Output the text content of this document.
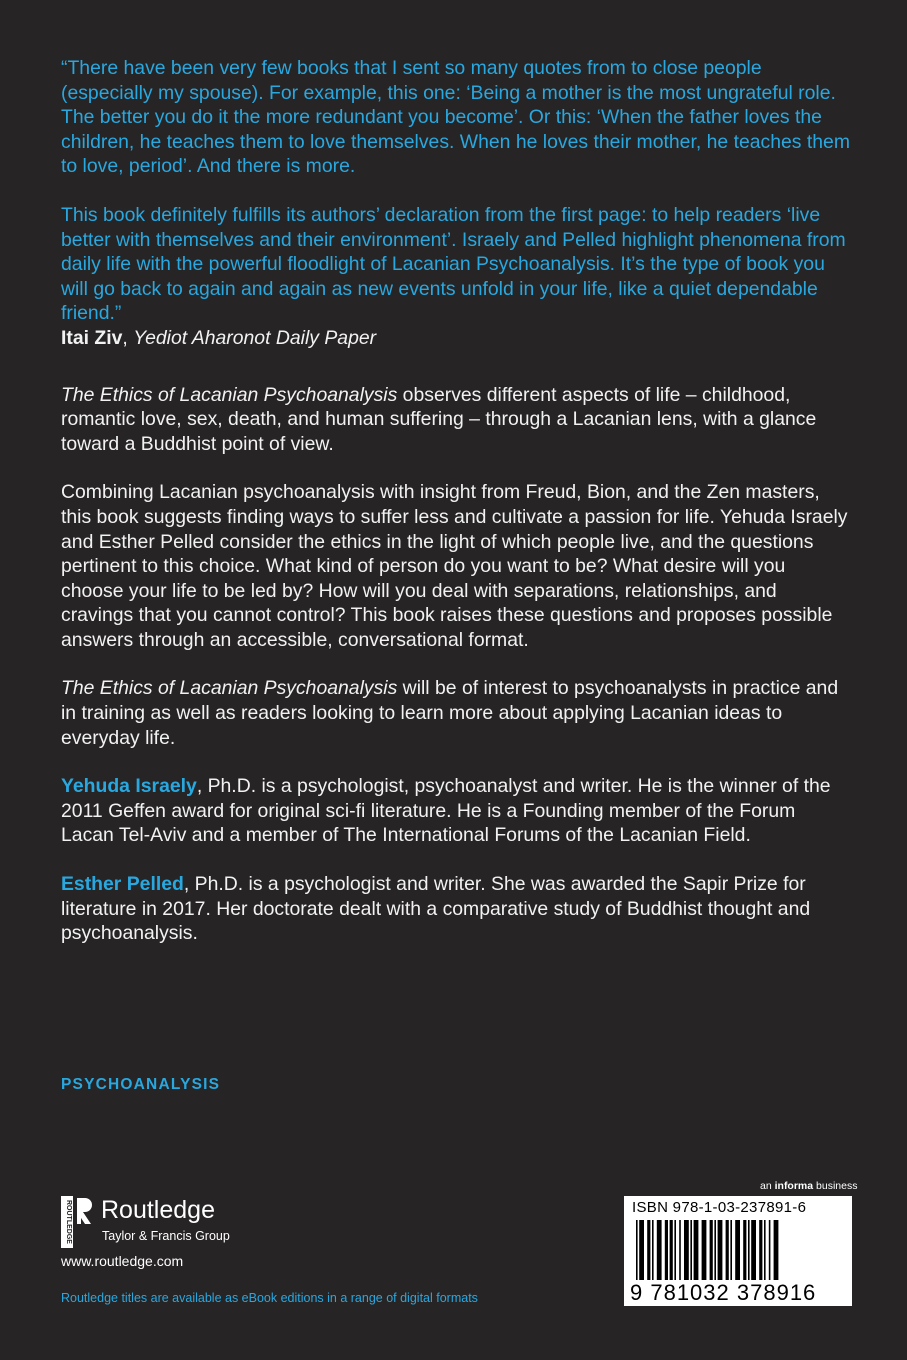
“There have been very few books that I sent so many quotes from to close people (especially my spouse). For example, this one: ‘Being a mother is the most ungrateful role. The better you do it the more redundant you become’. Or this: ‘When the father loves the children, he teaches them to love themselves. When he loves their mother, he teaches them to love, period’. And there is more.

This book definitely fulfills its authors’ declaration from the first page: to help readers ‘live better with themselves and their environment’. Israely and Pelled highlight phenomena from daily life with the powerful floodlight of Lacanian Psychoanalysis. It’s the type of book you will go back to again and again as new events unfold in your life, like a quiet dependable friend.”

Itai Ziv, Yediot Aharonot Daily Paper

The Ethics of Lacanian Psychoanalysis observes different aspects of life – childhood, romantic love, sex, death, and human suffering – through a Lacanian lens, with a glance toward a Buddhist point of view.

Combining Lacanian psychoanalysis with insight from Freud, Bion, and the Zen masters, this book suggests finding ways to suffer less and cultivate a passion for life. Yehuda Israely and Esther Pelled consider the ethics in the light of which people live, and the questions pertinent to this choice. What kind of person do you want to be? What desire will you choose your life to be led by? How will you deal with separations, relationships, and cravings that you cannot control? This book raises these questions and proposes possible answers through an accessible, conversational format.

The Ethics of Lacanian Psychoanalysis will be of interest to psychoanalysts in practice and in training as well as readers looking to learn more about applying Lacanian ideas to everyday life.

Yehuda Israely, Ph.D. is a psychologist, psychoanalyst and writer. He is the winner of the 2011 Geffen award for original sci-fi literature. He is a Founding member of the Forum Lacan Tel-Aviv and a member of The International Forums of the Lacanian Field.

Esther Pelled, Ph.D. is a psychologist and writer. She was awarded the Sapir Prize for literature in 2017. Her doctorate dealt with a comparative study of Buddhist thought and psychoanalysis.

PSYCHOANALYSIS
ROUTLEDGE Routledge
Taylor & Francis Group
www.routledge.com
Routledge titles are available as eBook editions in a range of digital formats
an informa business
ISBN 978-1-03-237891-6
9 781032 378916
